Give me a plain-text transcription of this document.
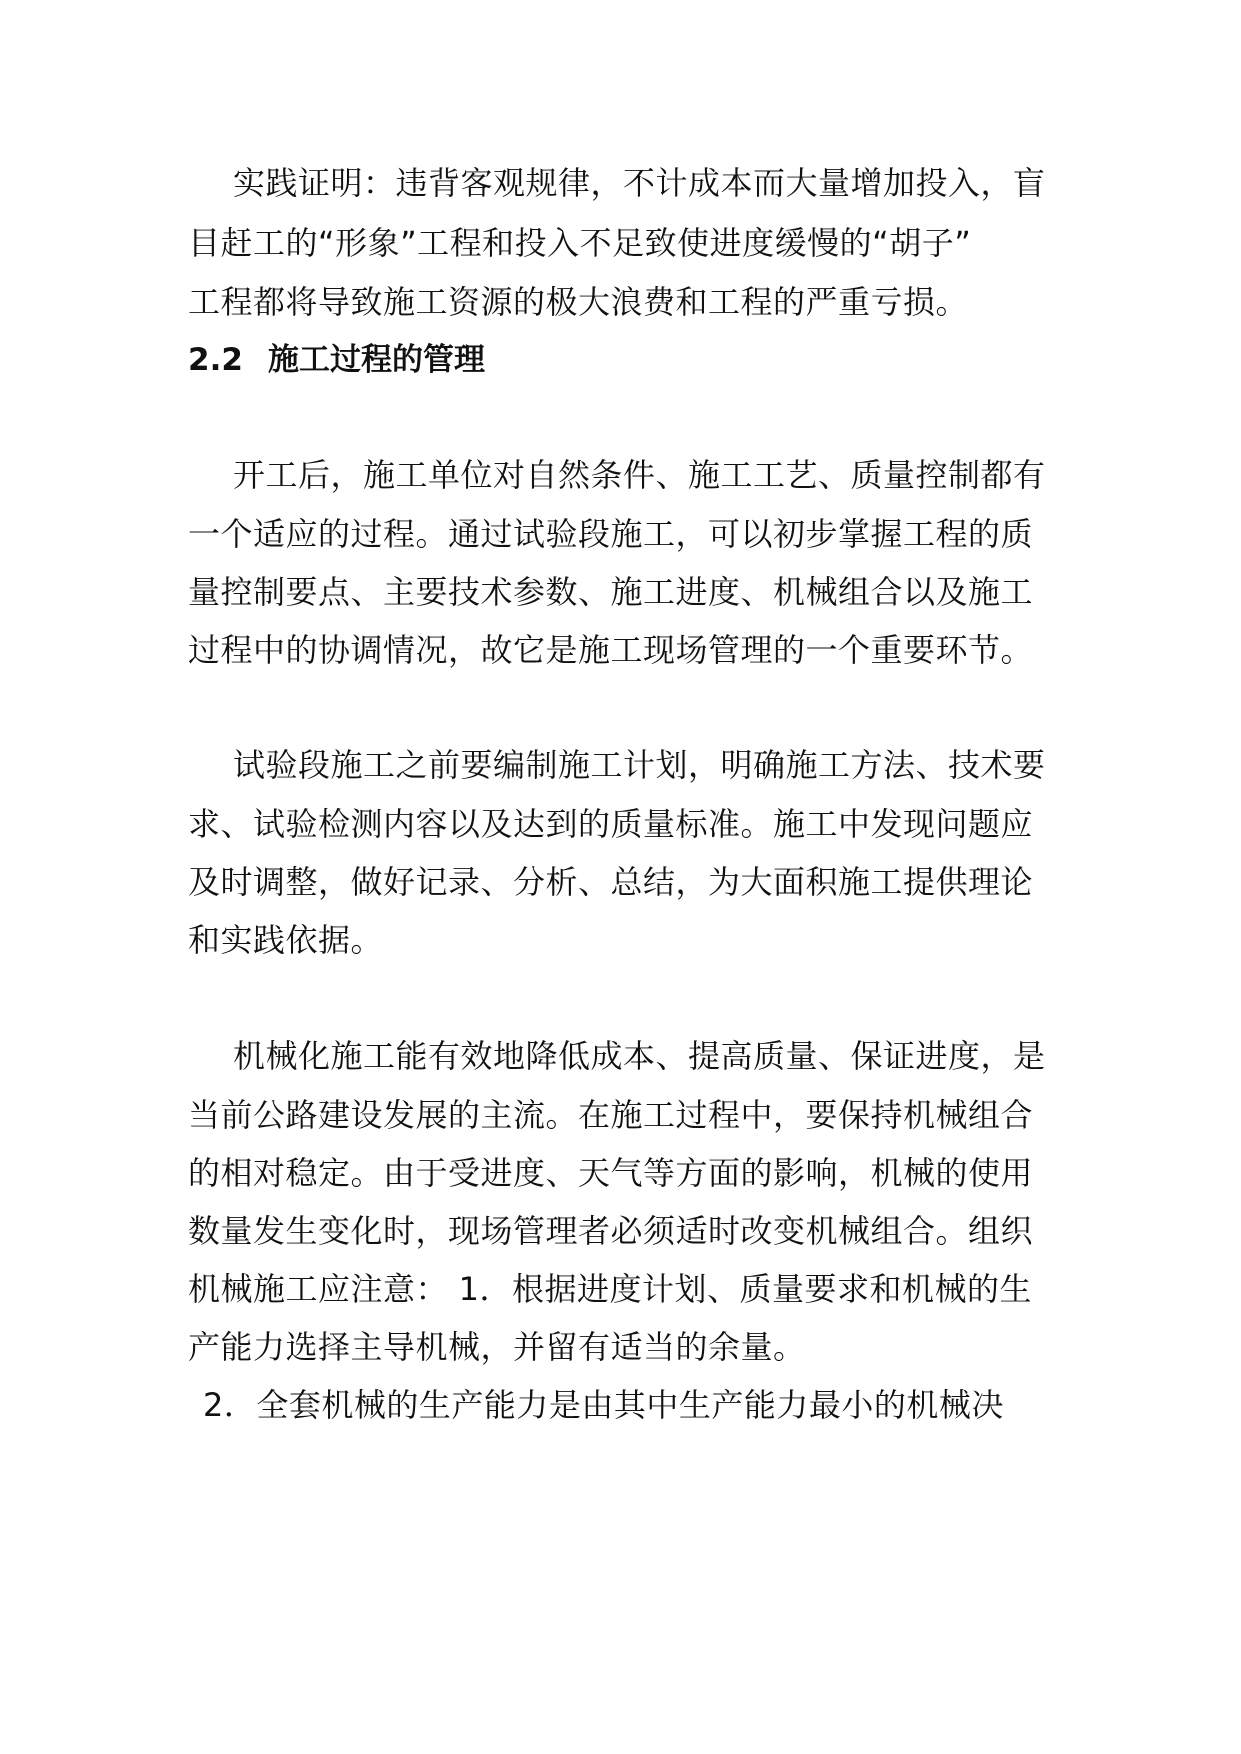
实践证明：违背客观规律，不计成本而大量增加投入，盲
目赶工的“形象”工程和投入不足致使进度缓慢的“胡子”
工程都将导致施工资源的极大浪费和工程的严重亏损。
2.2 施工过程的管理
开工后，施工单位对自然条件、施工工艺、质量控制都有
一个适应的过程。通过试验段施工，可以初步掌握工程的质
量控制要点、主要技术参数、施工进度、机械组合以及施工
过程中的协调情况，故它是施工现场管理的一个重要环节。
试验段施工之前要编制施工计划，明确施工方法、技术要
求、试验检测内容以及达到的质量标准。施工中发现问题应
及时调整，做好记录、分析、总结，为大面积施工提供理论
和实践依据。
机械化施工能有效地降低成本、提高质量、保证进度，是
当前公路建设发展的主流。在施工过程中，要保持机械组合
的相对稳定。由于受进度、天气等方面的影响，机械的使用
数量发生变化时，现场管理者必须适时改变机械组合。组织
机械施工应注意： 1．根据进度计划、质量要求和机械的生
产能力选择主导机械，并留有适当的余量。
2．全套机械的生产能力是由其中生产能力最小的机械决
